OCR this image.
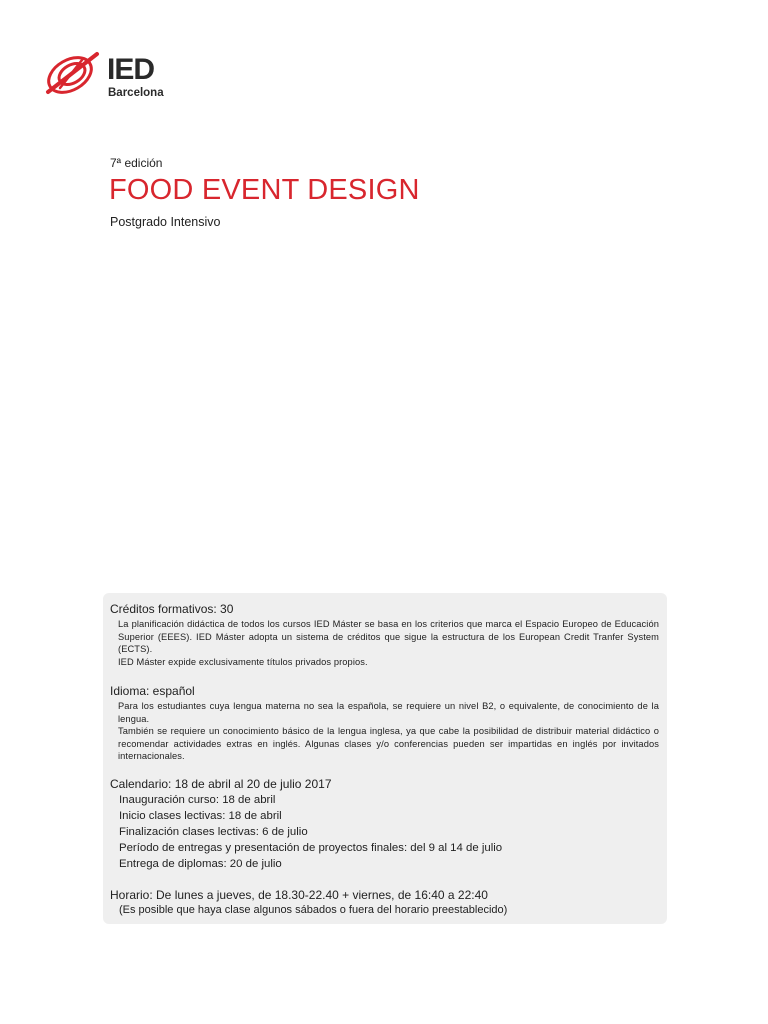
IED
Barcelona
7ª edición
FOOD EVENT DESIGN
Postgrado Intensivo
Créditos formativos: 30

La planificación didáctica de todos los cursos IED Máster se basa en los criterios que marca el Espacio Europeo de Educación Superior (EEES). IED Máster adopta un sistema de créditos que sigue la estructura de los European Credit Tranfer System (ECTS).

IED Máster expide exclusivamente títulos privados propios.

Idioma: español

Para los estudiantes cuya lengua materna no sea la española, se requiere un nivel B2, o equivalente, de conocimiento de la lengua.

También se requiere un conocimiento básico de la lengua inglesa, ya que cabe la posibilidad de distribuir material didáctico o recomendar actividades extras en inglés. Algunas clases y/o conferencias pueden ser impartidas en inglés por invitados internacionales.

Calendario: 18 de abril al 20 de julio 2017
Inauguración curso: 18 de abril
Inicio clases lectivas: 18 de abril
Finalización clases lectivas: 6 de julio
Período de entregas y presentación de proyectos finales: del 9 al 14 de julio
Entrega de diplomas: 20 de julio
Horario: De lunes a jueves, de 18.30-22.40 + viernes, de 16:40 a 22:40
(Es posible que haya clase algunos sábados o fuera del horario preestablecido)
